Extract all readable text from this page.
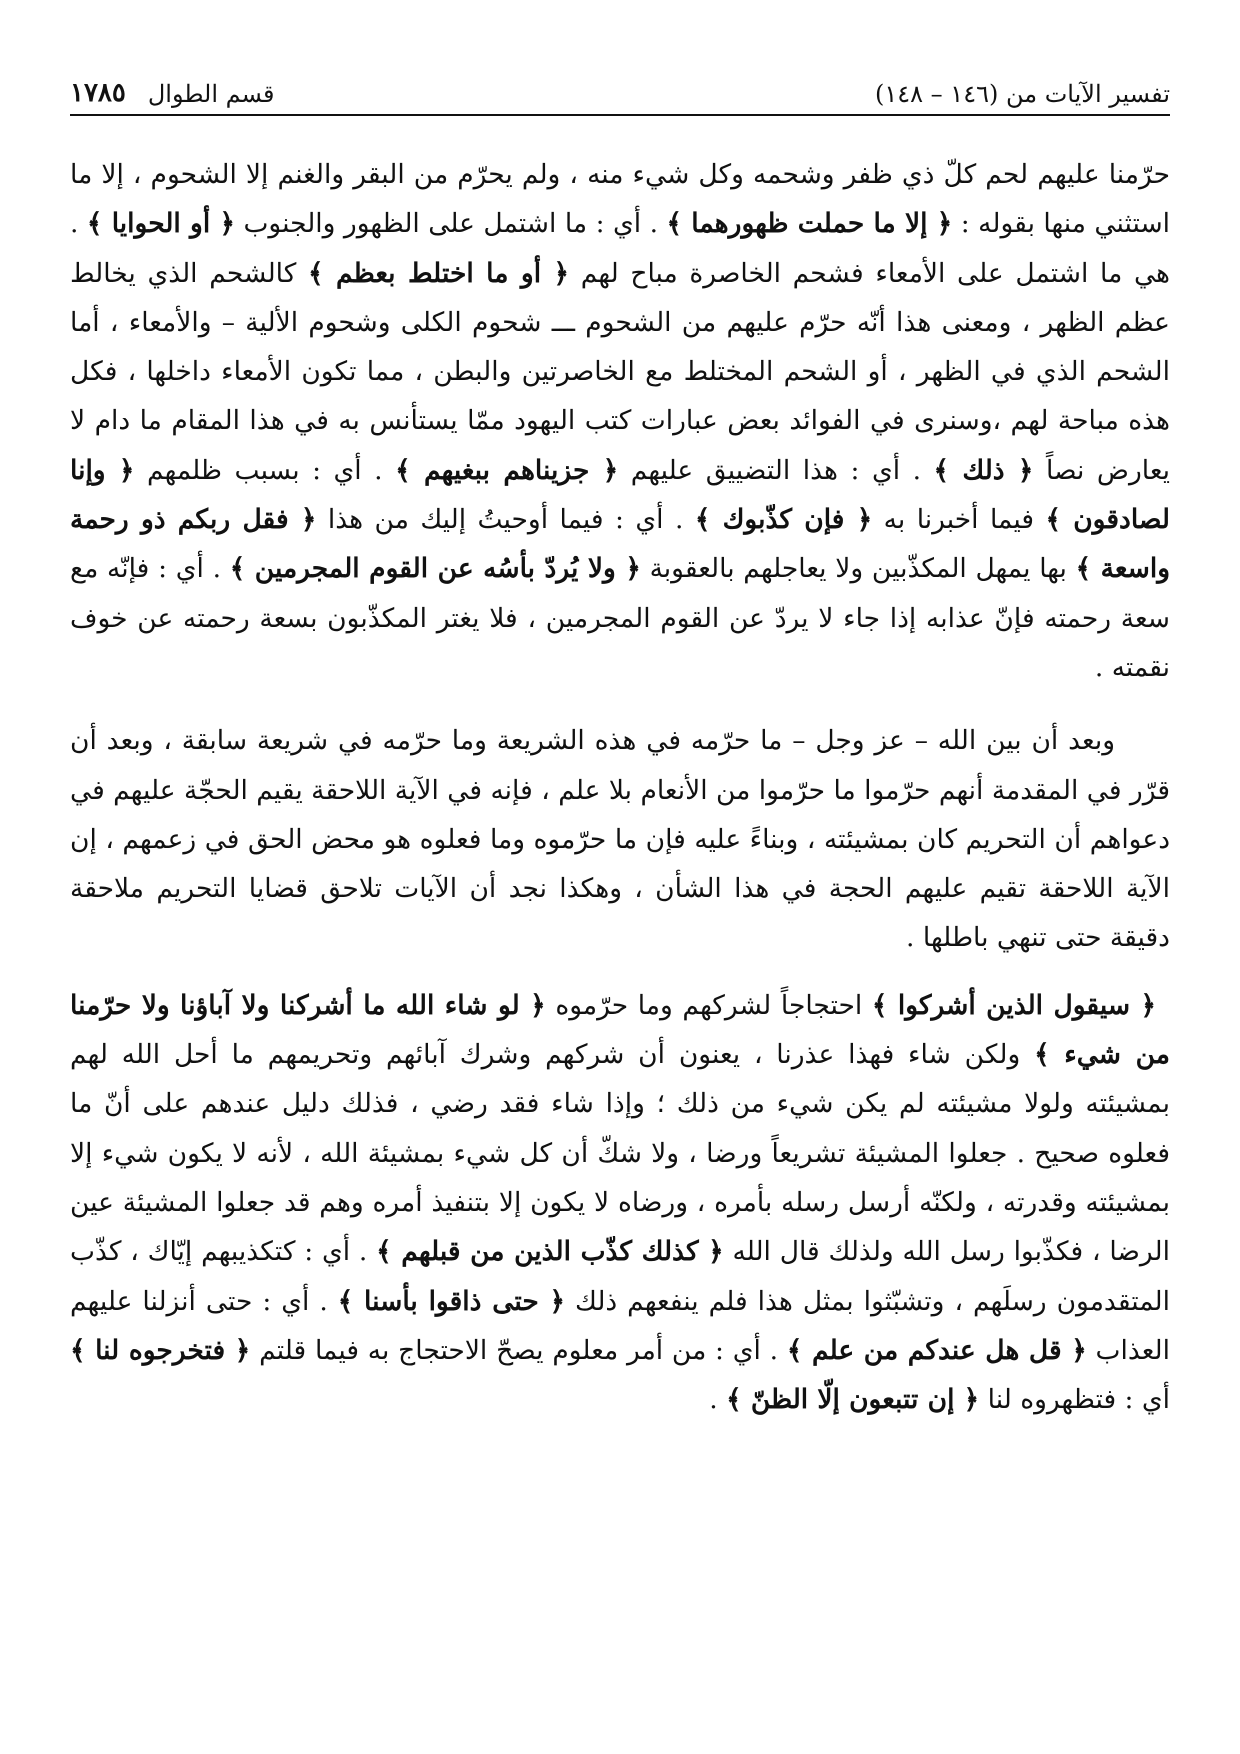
تفسير الآيات من (١٤٦ – ١٤٨)
قسم الطوال
١٧٨٥

حرّمنا عليهم لحم كلّ ذي ظفر وشحمه وكل شيء منه ، ولم يحرّم من البقر والغنم إلا الشحوم ، إلا ما استثني منها بقوله : ﴿ إلا ما حملت ظهورهما ﴾ . أي : ما اشتمل على الظهور والجنوب ﴿ أو الحوايا ﴾ . هي ما اشتمل على الأمعاء فشحم الخاصرة مباح لهم ﴿ أو ما اختلط بعظم ﴾ كالشحم الذي يخالط عظم الظهر ، ومعنى هذا أنّه حرّم عليهم من الشحوم ـــ شحوم الكلى وشحوم الألية – والأمعاء ، أما الشحم الذي في الظهر ، أو الشحم المختلط مع الخاصرتين والبطن ، مما تكون الأمعاء داخلها ، فكل هذه مباحة لهم ،وسنرى في الفوائد بعض عبارات كتب اليهود ممّا يستأنس به في هذا المقام ما دام لا يعارض نصاً ﴿ ذلك ﴾ . أي : هذا التضييق عليهم ﴿ جزيناهم ببغيهم ﴾ . أي : بسبب ظلمهم ﴿ وإنا لصادقون ﴾ فيما أخبرنا به ﴿ فإن كذّبوك ﴾ . أي : فيما أوحيتُ إليك من هذا ﴿ فقل ربكم ذو رحمة واسعة ﴾ بها يمهل المكذّبين ولا يعاجلهم بالعقوبة ﴿ ولا يُردّ بأسُه عن القوم المجرمين ﴾ . أي : فإنّه مع سعة رحمته فإنّ عذابه إذا جاء لا يردّ عن القوم المجرمين ، فلا يغتر المكذّبون بسعة رحمته عن خوف نقمته .

وبعد أن بين الله – عز وجل – ما حرّمه في هذه الشريعة وما حرّمه في شريعة سابقة ، وبعد أن قرّر في المقدمة أنهم حرّموا ما حرّموا من الأنعام بلا علم ، فإنه في الآية اللاحقة يقيم الحجّة عليهم في دعواهم أن التحريم كان بمشيئته ، وبناءً عليه فإن ما حرّموه وما فعلوه هو محض الحق في زعمهم ، إن الآية اللاحقة تقيم عليهم الحجة في هذا الشأن ، وهكذا نجد أن الآيات تلاحق قضايا التحريم ملاحقة دقيقة حتى تنهي باطلها .

﴿ سيقول الذين أشركوا ﴾ احتجاجاً لشركهم وما حرّموه ﴿ لو شاء الله ما أشركنا ولا آباؤنا ولا حرّمنا من شيء ﴾ ولكن شاء فهذا عذرنا ، يعنون أن شركهم وشرك آبائهم وتحريمهم ما أحل الله لهم بمشيئته ولولا مشيئته لم يكن شيء من ذلك ؛ وإذا شاء فقد رضي ، فذلك دليل عندهم على أنّ ما فعلوه صحيح . جعلوا المشيئة تشريعاً ورضا ، ولا شكّ أن كل شيء بمشيئة الله ، لأنه لا يكون شيء إلا بمشيئته وقدرته ، ولكنّه أرسل رسله بأمره ، ورضاه لا يكون إلا بتنفيذ أمره وهم قد جعلوا المشيئة عين الرضا ، فكذّبوا رسل الله ولذلك قال الله ﴿ كذلك كذّب الذين من قبلهم ﴾ . أي : كتكذيبهم إيّاك ، كذّب المتقدمون رسلَهم ، وتشبّثوا بمثل هذا فلم ينفعهم ذلك ﴿ حتى ذاقوا بأسنا ﴾ . أي : حتى أنزلنا عليهم العذاب ﴿ قل هل عندكم من علم ﴾ . أي : من أمر معلوم يصحّ الاحتجاج به فيما قلتم ﴿ فتخرجوه لنا ﴾ أي : فتظهروه لنا ﴿ إن تتبعون إلّا الظنّ ﴾ .
